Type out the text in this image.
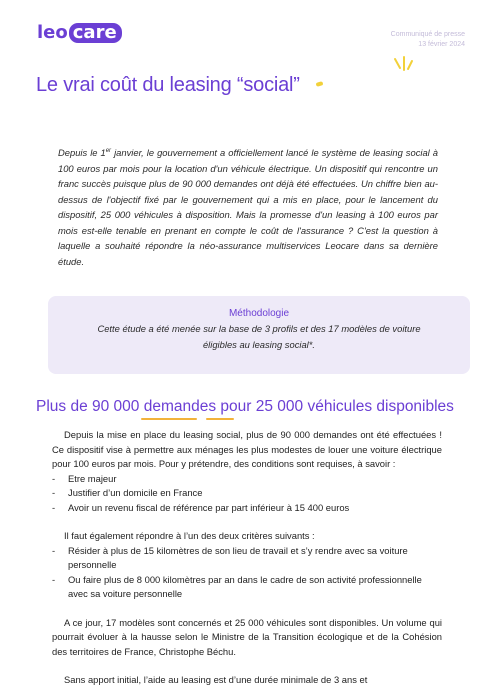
leo care	Communiqué de presse
13 février 2024
Le vrai coût du leasing “social”

Depuis le 1er janvier, le gouvernement a officiellement lancé le système de leasing social à 100 euros par mois pour la location d'un véhicule électrique. Un dispositif qui rencontre un franc succès puisque plus de 90 000 demandes ont déjà été effectuées. Un chiffre bien au-dessus de l'objectif fixé par le gouvernement qui a mis en place, pour le lancement du dispositif, 25 000 véhicules à disposition. Mais la promesse d'un leasing à 100 euros par mois est-elle tenable en prenant en compte le coût de l'assurance ? C'est la question à laquelle a souhaité répondre la néo-assurance multiservices Leocare dans sa dernière étude.

Méthodologie
Cette étude a été menée sur la base de 3 profils et des 17 modèles de voiture éligibles au leasing social*.
Plus de 90 000 demandes pour 25 000 véhicules disponibles

Depuis la mise en place du leasing social, plus de 90 000 demandes ont été effectuées ! Ce dispositif vise à permettre aux ménages les plus modestes de louer une voiture électrique pour 100 euros par mois. Pour y prétendre, des conditions sont requises, à savoir :

- Etre majeur
- Justifier d’un domicile en France
- Avoir un revenu fiscal de référence par part inférieur à 15 400 euros

Il faut également répondre à l’un des deux critères suivants :

- Résider à plus de 15 kilomètres de son lieu de travail et s’y rendre avec sa voiture personnelle
- Ou faire plus de 8 000 kilomètres par an dans le cadre de son activité professionnelle avec sa voiture personnelle

A ce jour, 17 modèles sont concernés et 25 000 véhicules sont disponibles. Un volume qui pourrait évoluer à la hausse selon le Ministre de la Transition écologique et de la Cohésion des territoires de France, Christophe Béchu.

Sans apport initial, l’aide au leasing est d’une durée minimale de 3 ans et
